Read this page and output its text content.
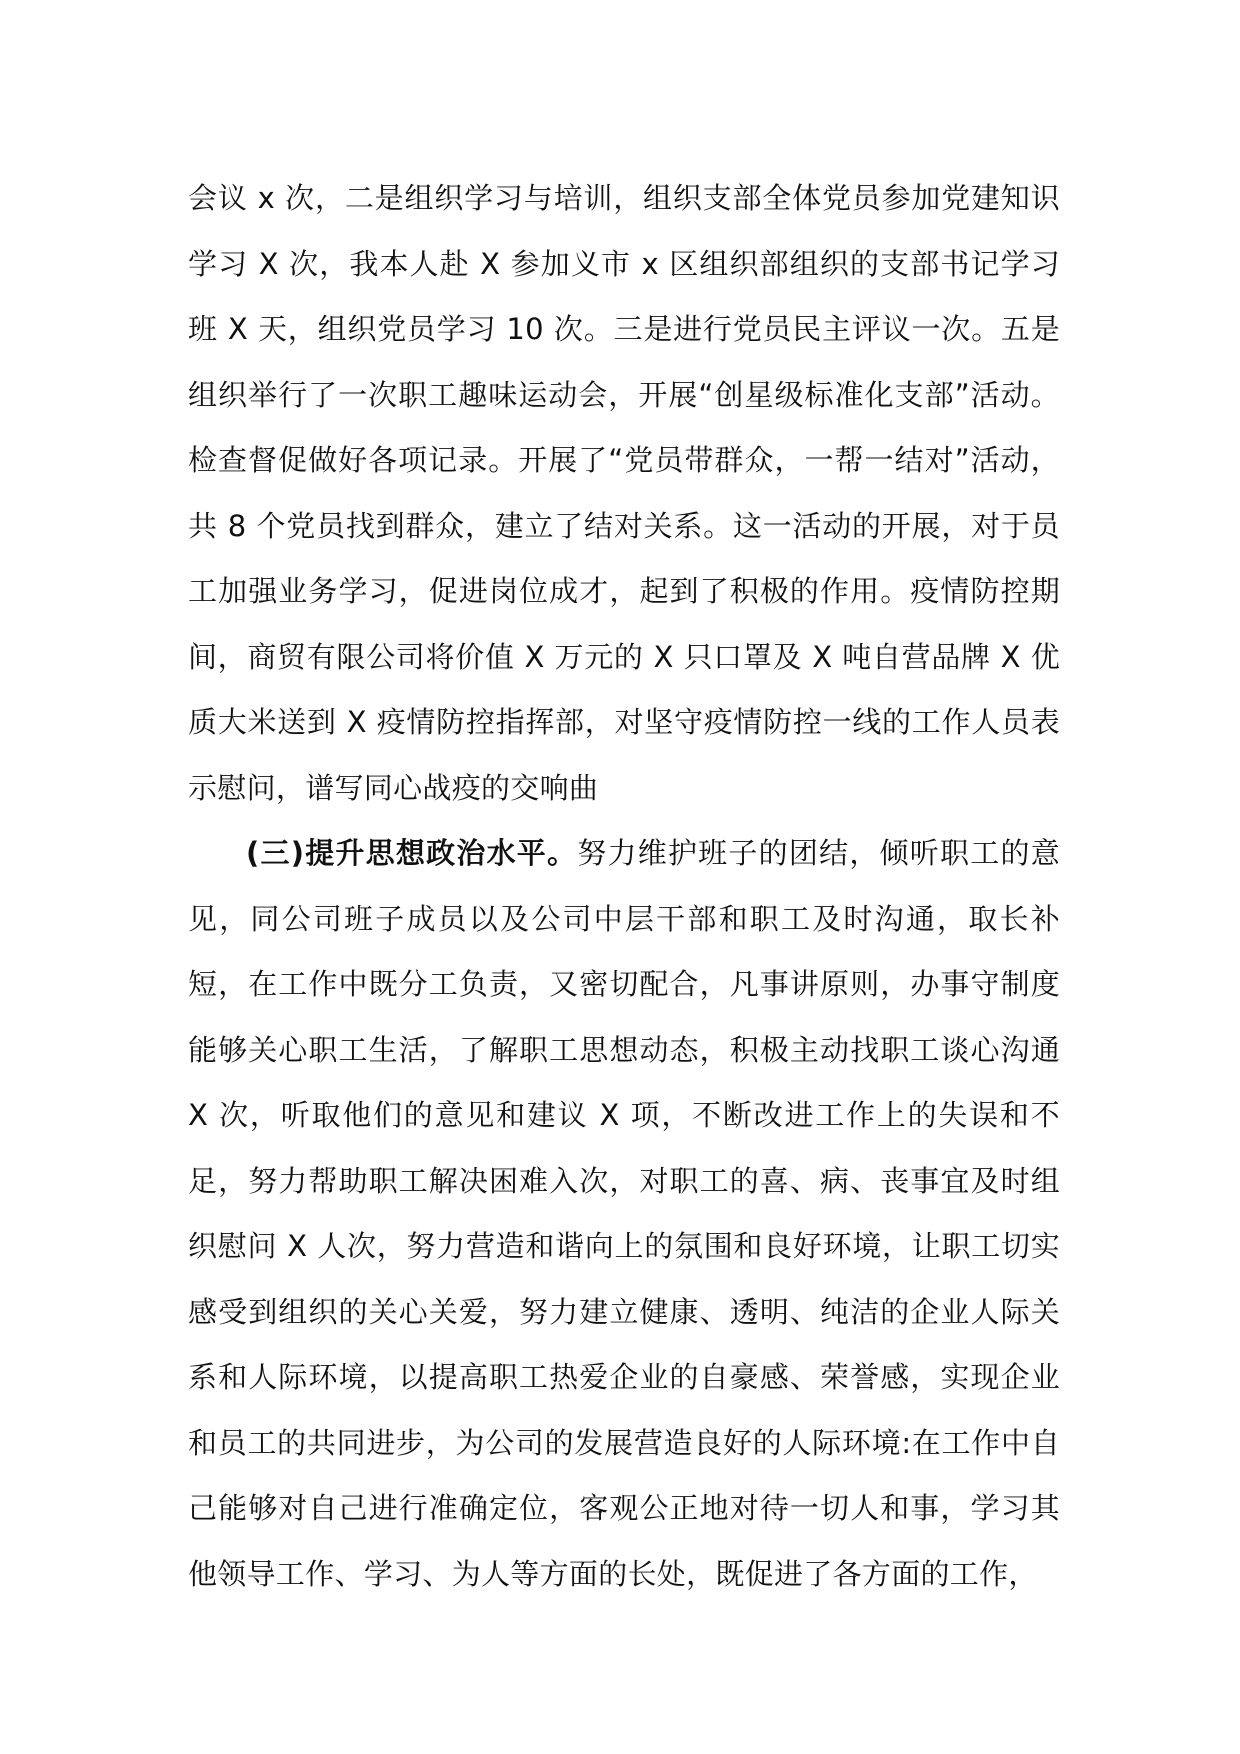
会议 x 次，二是组织学习与培训，组织支部全体党员参加党建知识学习 X 次，我本人赴 X 参加义市 x 区组织部组织的支部书记学习班 X 天，组织党员学习 10 次。三是进行党员民主评议一次。五是组织举行了一次职工趣味运动会，开展“创星级标准化支部”活动。检查督促做好各项记录。开展了“党员带群众，一帮一结对”活动，共 8 个党员找到群众，建立了结对关系。这一活动的开展，对于员工加强业务学习，促进岗位成才，起到了积极的作用。疫情防控期间，商贸有限公司将价值 X 万元的 X 只口罩及 X 吨自营品牌 X 优质大米送到 X 疫情防控指挥部，对坚守疫情防控一线的工作人员表示慰问，谱写同心战疫的交响曲

(三)提升思想政治水平。努力维护班子的团结，倾听职工的意见，同公司班子成员以及公司中层干部和职工及时沟通，取长补短，在工作中既分工负责，又密切配合，凡事讲原则，办事守制度能够关心职工生活，了解职工思想动态，积极主动找职工谈心沟通 X 次，听取他们的意见和建议 X 项，不断改进工作上的失误和不足，努力帮助职工解决困难入次，对职工的喜、病、丧事宜及时组织慰问 X 人次，努力营造和谐向上的氛围和良好环境，让职工切实感受到组织的关心关爱，努力建立健康、透明、纯洁的企业人际关系和人际环境，以提高职工热爱企业的自豪感、荣誉感，实现企业和员工的共同进步，为公司的发展营造良好的人际环境:在工作中自己能够对自己进行准确定位，客观公正地对待一切人和事，学习其他领导工作、学习、为人等方面的长处，既促进了各方面的工作，
